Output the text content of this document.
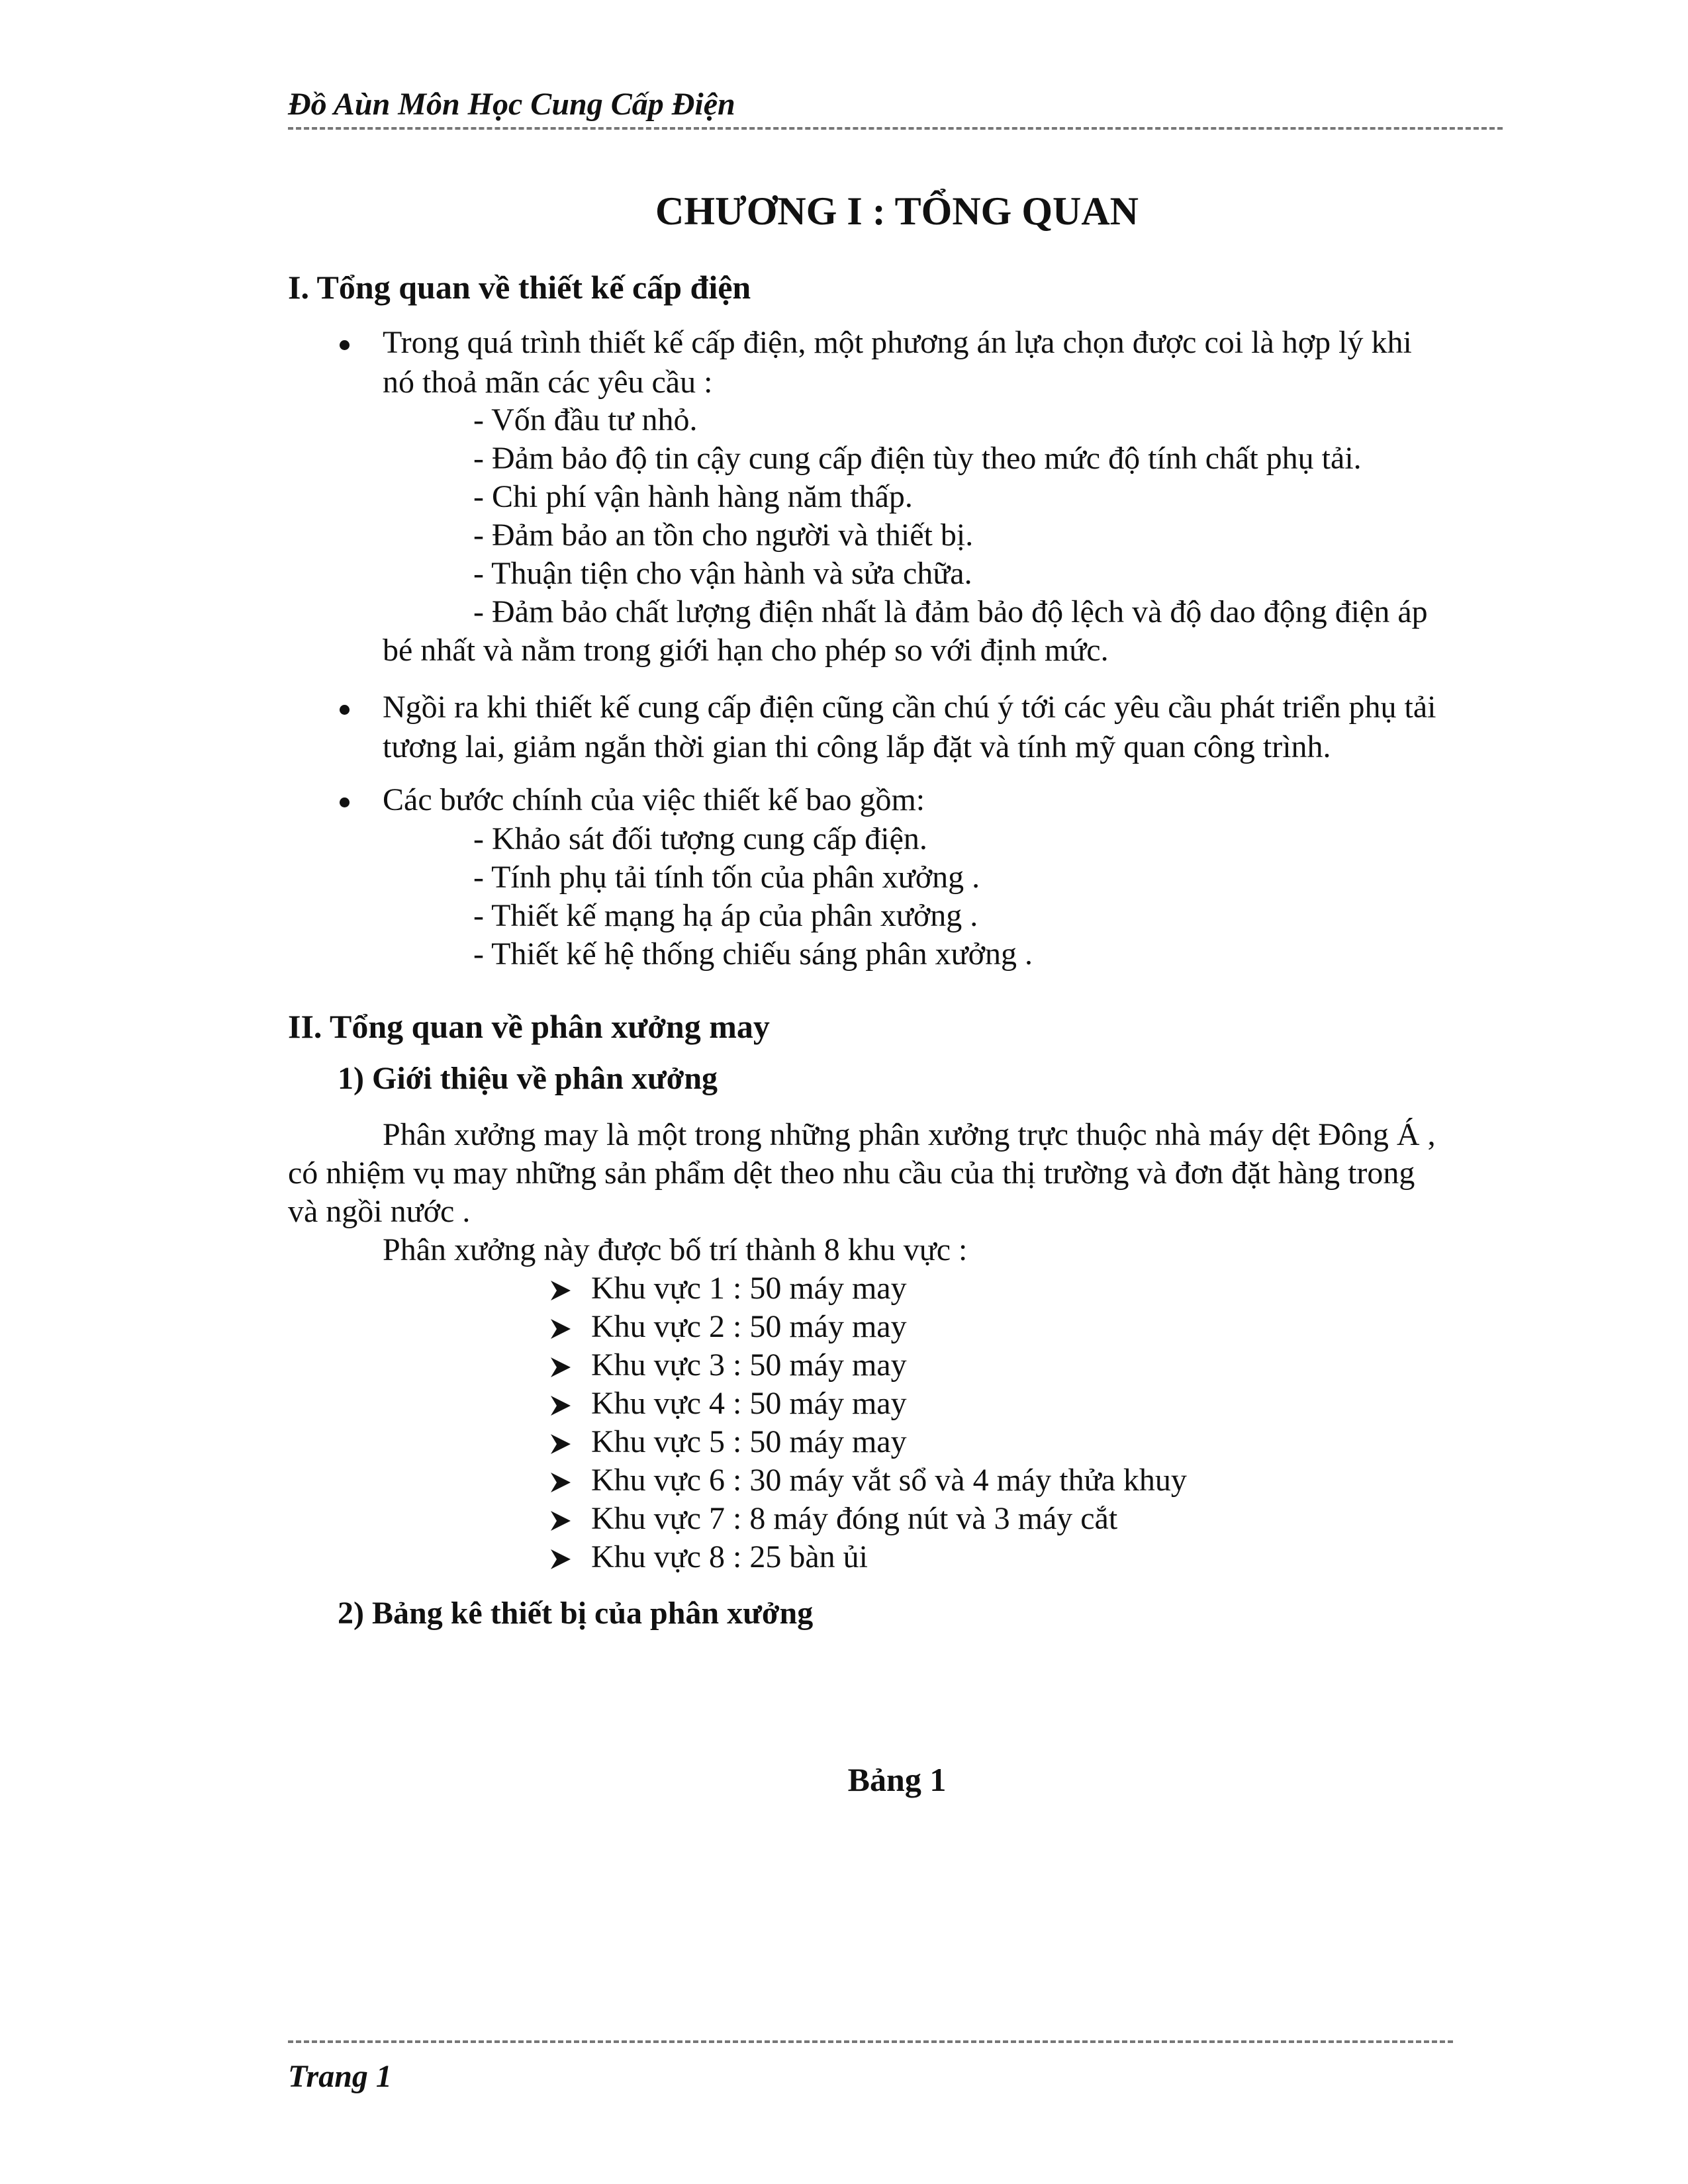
Đồ Aùn Môn Học Cung Cấp Điện
CHƯƠNG I : TỔNG QUAN
I. Tổng quan về thiết kế cấp điện
Trong quá trình thiết kế cấp điện, một phương án lựa chọn được coi là hợp lý khi
nó thoả mãn các yêu cầu :
- Vốn đầu tư nhỏ.
- Đảm bảo độ tin cậy cung cấp điện tùy theo mức độ tính chất phụ tải.
- Chi phí vận hành hàng năm thấp.
- Đảm bảo an tồn cho người và thiết bị.
- Thuận tiện cho vận hành và sửa chữa.
- Đảm bảo chất lượng điện nhất là đảm bảo độ lệch và độ dao động điện áp
bé nhất và nằm trong giới hạn cho phép so với định mức.
Ngồi ra khi thiết kế cung cấp điện cũng cần chú ý tới các yêu cầu phát triển phụ tải
tương lai, giảm ngắn thời gian thi công lắp đặt và tính mỹ quan công trình.
Các bước chính của việc thiết kế bao gồm:
- Khảo sát đối tượng cung cấp điện.
- Tính phụ tải tính tốn của phân xưởng .
- Thiết kế mạng hạ áp của phân xưởng .
- Thiết kế hệ thống chiếu sáng phân xưởng .
II. Tổng quan về phân xưởng may
1) Giới thiệu về phân xưởng
Phân xưởng may là một trong những phân xưởng trực thuộc nhà máy dệt Đông Á ,
có nhiệm vụ may những sản phẩm dệt theo nhu cầu của thị trường và đơn đặt hàng trong
và ngồi nước .
Phân xưởng này được bố trí thành 8 khu vực :
Khu vực 1 : 50 máy may
Khu vực 2 : 50 máy may
Khu vực 3 : 50 máy may
Khu vực 4 : 50 máy may
Khu vực 5 : 50 máy may
Khu vực 6 : 30 máy vắt sổ và 4 máy thửa khuy
Khu vực 7 : 8 máy đóng nút và 3 máy cắt
Khu vực 8 : 25 bàn ủi
2) Bảng kê thiết bị của phân xưởng
Bảng 1
Trang 1
